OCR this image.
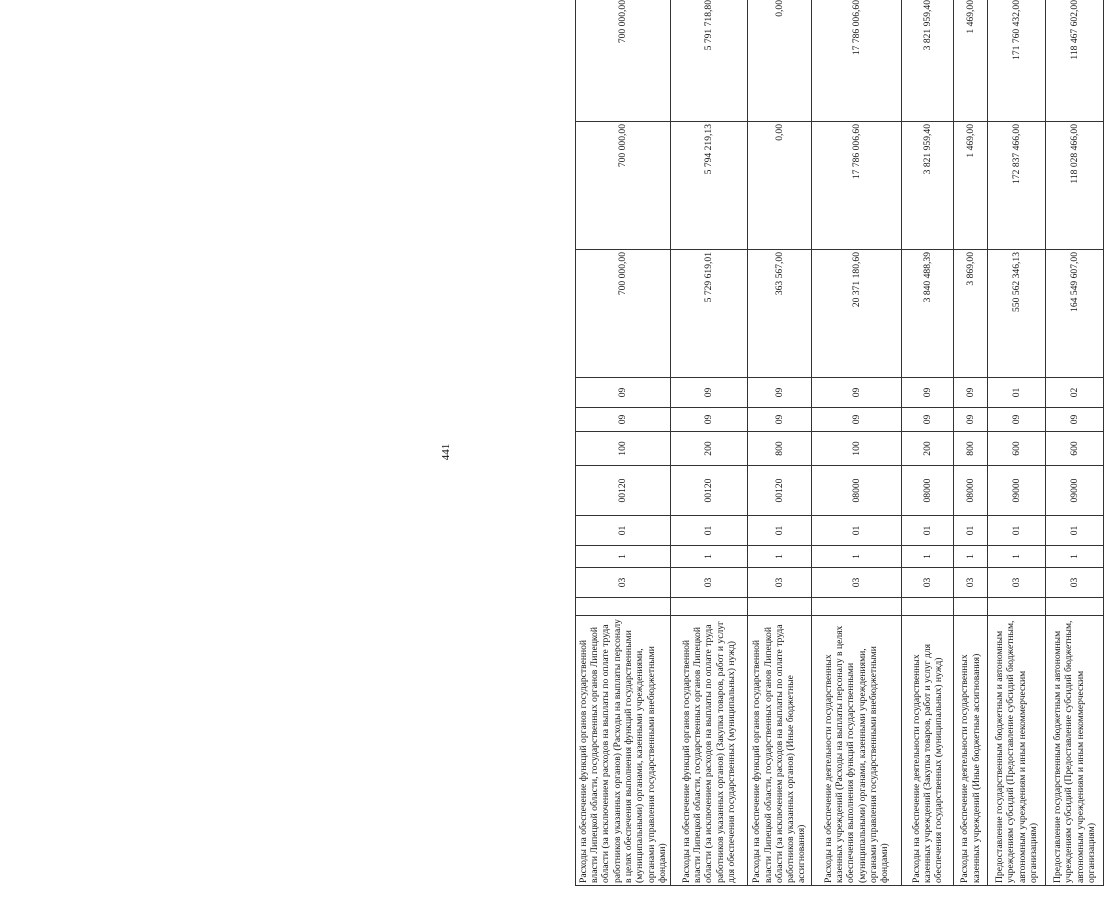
441
Расходы на обеспечение функций органов государственной власти Липецкой области, государственных органов Липецкой области (за исключением расходов на выплаты по оплате труда работников указанных органов) (Расходы на выплаты персоналу в целях обеспечения выполнения функций государственными (муниципальными) органами, казенными учреждениями, органами управления государственными внебюджетными фондами)		03	1	01	00120	100	09	09	700 000,00	700 000,00	700 000,00
Расходы на обеспечение функций органов государственной власти Липецкой области, государственных органов Липецкой области (за исключением расходов на выплаты по оплате труда работников указанных органов) (Закупка товаров, работ и услуг для обеспечения государственных (муниципальных) нужд)		03	1	01	00120	200	09	09	5 729 619,01	5 794 219,13	5 791 718,80
Расходы на обеспечение функций органов государственной власти Липецкой области, государственных органов Липецкой области (за исключением расходов на выплаты по оплате труда работников указанных органов) (Иные бюджетные ассигнования)		03	1	01	00120	800	09	09	363 567,00	0,00	0,00
Расходы на обеспечение деятельности государственных казенных учреждений (Расходы на выплаты персоналу в целях обеспечения выполнения функций государственными (муниципальными) органами, казенными учреждениями, органами управления государственными внебюджетными фондами)		03	1	01	08000	100	09	09	20 371 180,60	17 786 006,60	17 786 006,60
Расходы на обеспечение деятельности государственных казенных учреждений (Закупка товаров, работ и услуг для обеспечения государственных (муниципальных) нужд)		03	1	01	08000	200	09	09	3 840 488,39	3 821 959,40	3 821 959,40
Расходы на обеспечение деятельности государственных казенных учреждений (Иные бюджетные ассигнования)		03	1	01	08000	800	09	09	3 869,00	1 469,00	1 469,00
Предоставление государственным бюджетным и автономным учреждениям субсидий (Предоставление субсидий бюджетным, автономным учреждениям и иным некоммерческим организациям)		03	1	01	09000	600	09	01	550 562 346,13	172 837 466,00	171 760 432,00
Предоставление государственным бюджетным и автономным учреждениям субсидий (Предоставление субсидий бюджетным, автономным учреждениям и иным некоммерческим организациям)		03	1	01	09000	600	09	02	164 549 607,00	118 028 466,00	118 467 602,00
